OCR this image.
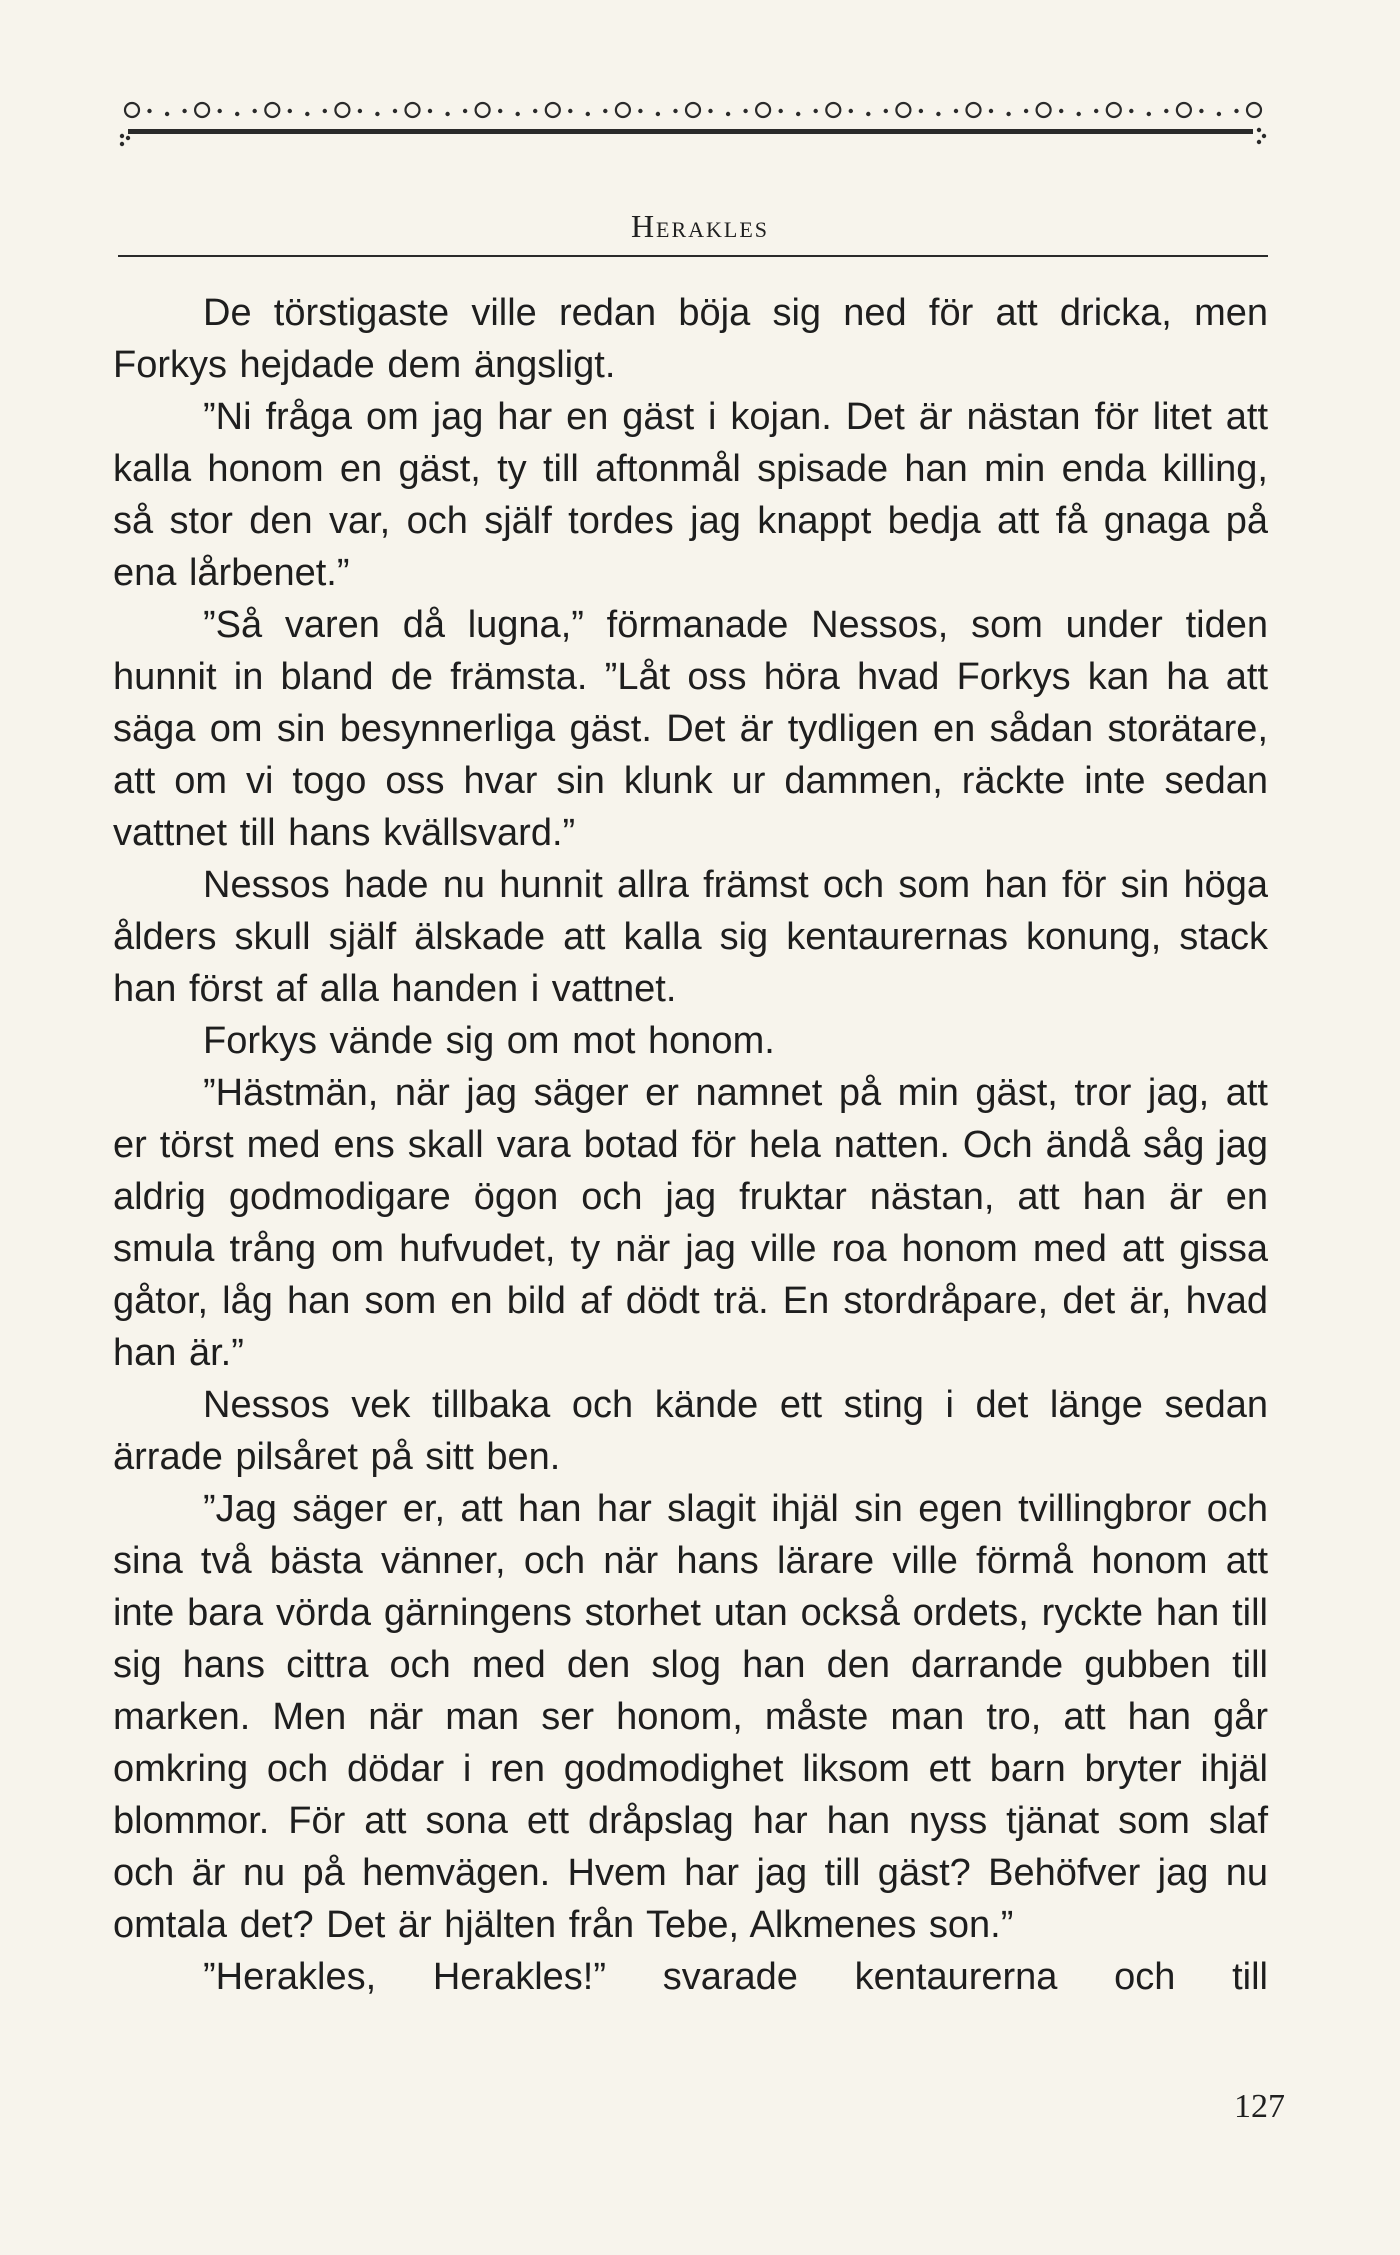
Herakles

De törstigaste ville redan böja sig ned för att dricka, men Forkys hejdade dem ängsligt.

”Ni fråga om jag har en gäst i kojan. Det är nästan för litet att kalla honom en gäst, ty till aftonmål spisade han min enda killing, så stor den var, och själf tordes jag knappt bedja att få gnaga på ena lårbenet.”

”Så varen då lugna,” förmanade Nessos, som under tiden hunnit in bland de främsta. ”Låt oss höra hvad Forkys kan ha att säga om sin besynnerliga gäst. Det är tydligen en sådan storätare, att om vi togo oss hvar sin klunk ur dammen, räckte inte sedan vattnet till hans kvällsvard.”

Nessos hade nu hunnit allra främst och som han för sin höga ålders skull själf älskade att kalla sig kentaurernas konung, stack han först af alla handen i vattnet.

Forkys vände sig om mot honom.

”Hästmän, när jag säger er namnet på min gäst, tror jag, att er törst med ens skall vara botad för hela natten. Och ändå såg jag aldrig godmodigare ögon och jag fruktar nästan, att han är en smula trång om hufvudet, ty när jag ville roa honom med att gissa gåtor, låg han som en bild af dödt trä. En stordråpare, det är, hvad han är.”

Nessos vek tillbaka och kände ett sting i det länge sedan ärrade pilsåret på sitt ben.

”Jag säger er, att han har slagit ihjäl sin egen tvillingbror och sina två bästa vänner, och när hans lärare ville förmå honom att inte bara vörda gärningens storhet utan också ordets, ryckte han till sig hans cittra och med den slog han den darrande gubben till marken. Men när man ser honom, måste man tro, att han går omkring och dödar i ren godmodighet liksom ett barn bryter ihjäl blommor. För att sona ett dråpslag har han nyss tjänat som slaf och är nu på hemvägen. Hvem har jag till gäst? Behöfver jag nu omtala det? Det är hjälten från Tebe, Alkmenes son.”

”Herakles, Herakles!” svarade kentaurerna och till

127
